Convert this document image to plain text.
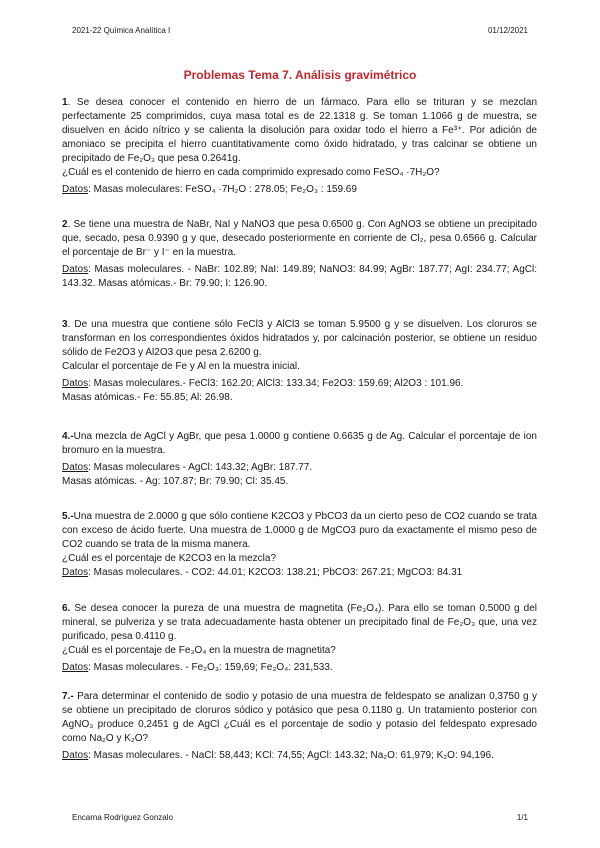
2021-22 Química Analítica I	01/12/2021
Problemas Tema 7. Análisis gravimétrico

1. Se desea conocer el contenido en hierro de un fármaco. Para ello se trituran y se mezclan perfectamente 25 comprimidos, cuya masa total es de 22.1318 g. Se toman 1.1066 g de muestra, se disuelven en ácido nítrico y se calienta la disolución para oxidar todo el hierro a Fe³⁺. Por adición de amoniaco se precipita el hierro cuantitativamente como óxido hidratado, y tras calcinar se obtiene un precipitado de Fe₂O₃ que pesa 0.2641g.

¿Cuál es el contenido de hierro en cada comprimido expresado como FeSO₄ ·7H₂O?

Datos: Masas moleculares: FeSO₄ ·7H₂O : 278.05; Fe₂O₃ : 159.69

2. Se tiene una muestra de NaBr, NaI y NaNO3 que pesa 0.6500 g. Con AgNO3 se obtiene un precipitado que, secado, pesa 0.9390 g y que, desecado posteriormente en corriente de Cl₂, pesa 0.6566 g. Calcular el porcentaje de Br⁻ y I⁻ en la muestra.

Datos: Masas moleculares. - NaBr: 102.89; NaI: 149.89; NaNO3: 84.99; AgBr: 187.77; AgI: 234.77; AgCl: 143.32. Masas atómicas.- Br: 79.90; I: 126.90.

3. De una muestra que contiene sólo FeCl3 y AlCl3 se toman 5.9500 g y se disuelven. Los cloruros se transforman en los correspondientes óxidos hidratados y, por calcinación posterior, se obtiene un residuo sólido de Fe2O3 y Al2O3 que pesa 2.6200 g.

Calcular el porcentaje de Fe y Al en la muestra inicial.

Datos: Masas moleculares.- FeCl3: 162.20; AlCl3: 133.34; Fe2O3: 159.69; Al2O3 : 101.96.

Masas atómicas.- Fe: 55.85; Al: 26.98.

4.-Una mezcla de AgCl y AgBr, que pesa 1.0000 g contiene 0.6635 g de Ag. Calcular el porcentaje de ion bromuro en la muestra.

Datos: Masas moleculares - AgCl: 143.32; AgBr: 187.77.

Masas atómicas. - Ag: 107.87; Br: 79.90; Cl: 35.45.

5.-Una muestra de 2.0000 g que sólo contiene K2CO3 y PbCO3 da un cierto peso de CO2 cuando se trata con exceso de ácido fuerte. Una muestra de 1.0000 g de MgCO3 puro da exactamente el mismo peso de CO2 cuando se trata de la misma manera.

¿Cuál es el porcentaje de K2CO3 en la mezcla?

Datos: Masas moleculares. - CO2: 44.01; K2CO3: 138.21; PbCO3: 267.21; MgCO3: 84.31

6. Se desea conocer la pureza de una muestra de magnetita (Fe₃O₄). Para ello se toman 0.5000 g del mineral, se pulveriza y se trata adecuadamente hasta obtener un precipitado final de Fe₂O₃ que, una vez purificado, pesa 0.4110 g.

¿Cuál es el porcentaje de Fe₃O₄ en la muestra de magnetita?

Datos: Masas moleculares. - Fe₂O₃: 159,69; Fe₃O₄: 231,533.

7.- Para determinar el contenido de sodio y potasio de una muestra de feldespato se analizan 0,3750 g y se obtiene un precipitado de cloruros sódico y potásico que pesa 0.1180 g. Un tratamiento posterior con AgNO₃ produce 0,2451 g de AgCl ¿Cuál es el porcentaje de sodio y potasio del feldespato expresado como Na₂O y K₂O?

Datos: Masas moleculares. - NaCl: 58,443; KCl: 74,55; AgCl: 143.32; Na₂O: 61,979; K₂O: 94,196.

Encarna Rodríguez Gonzalo	1/1
